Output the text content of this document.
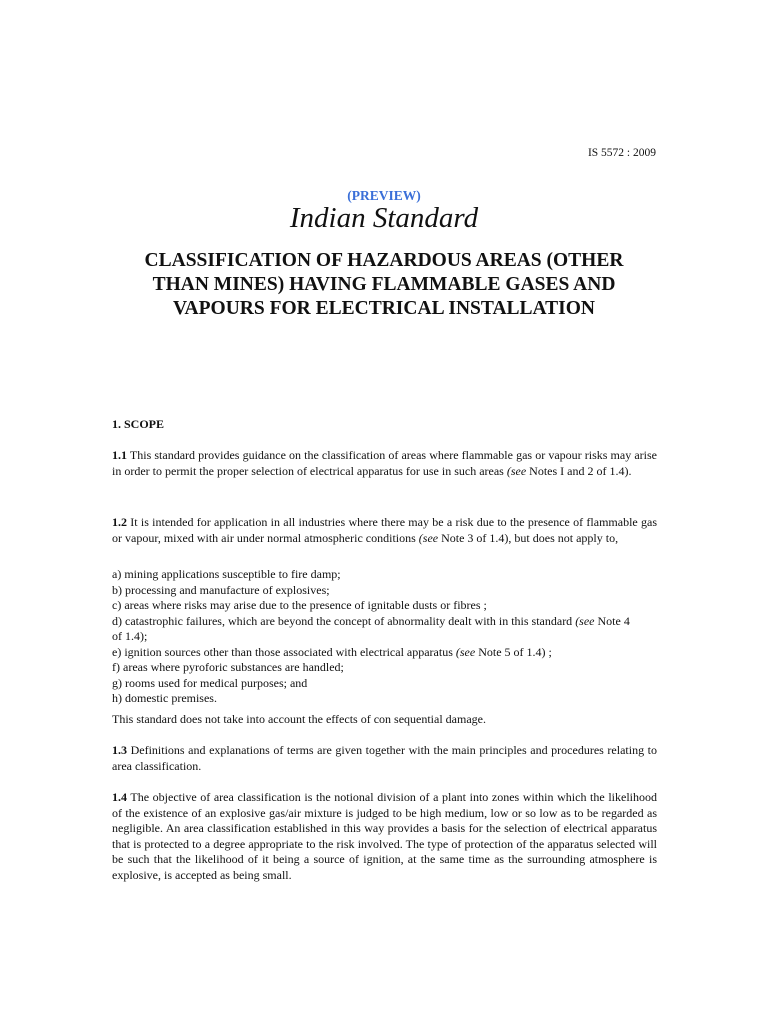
IS 5572 : 2009
(PREVIEW)
Indian Standard
CLASSIFICATION OF HAZARDOUS AREAS (OTHER THAN MINES) HAVING FLAMMABLE GASES AND VAPOURS FOR ELECTRICAL INSTALLATION
1. SCOPE
1.1 This standard provides guidance on the classification of areas where flammable gas or vapour risks may arise in order to permit the proper selection of electrical apparatus for use in such areas (see Notes I and 2 of 1.4).
1.2 It is intended for application in all industries where there may be a risk due to the presence of flammable gas or vapour, mixed with air under normal atmospheric conditions (see Note 3 of 1.4), but does not apply to,
a) mining applications susceptible to fire damp;
b) processing and manufacture of explosives;
c) areas where risks may arise due to the presence of ignitable dusts or fibres ;
d) catastrophic failures, which are beyond the concept of abnormality dealt with in this standard (see Note 4
of 1.4);
e) ignition sources other than those associated with electrical apparatus (see Note 5 of 1.4) ;
f) areas where pyroforic substances are handled;
g) rooms used for medical purposes; and
h) domestic premises.
This standard does not take into account the effects of con sequential damage.
1.3 Definitions and explanations of terms are given together with the main principles and procedures relating to area classification.
1.4 The objective of area classification is the notional division of a plant into zones within which the likelihood of the existence of an explosive gas/air mixture is judged to be high medium, low or so low as to be regarded as negligible. An area classification established in this way provides a basis for the selection of electrical apparatus that is protected to a degree appropriate to the risk involved. The type of protection of the apparatus selected will be such that the likelihood of it being a source of ignition, at the same time as the surrounding atmosphere is explosive, is accepted as being small.
